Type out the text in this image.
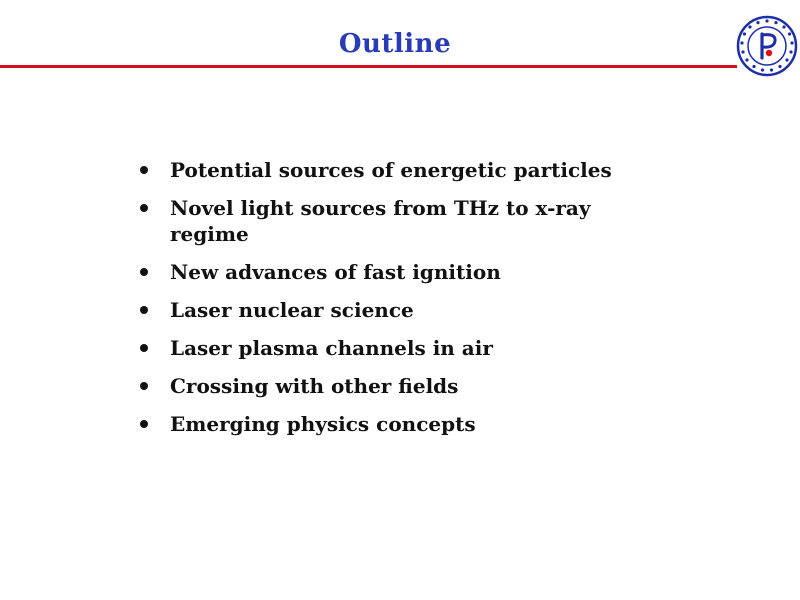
Outline
Potential sources of energetic particles
Novel light sources from THz to x-ray regime
New advances of fast ignition
Laser nuclear science
Laser plasma channels in air
Crossing with other fields
Emerging physics concepts
